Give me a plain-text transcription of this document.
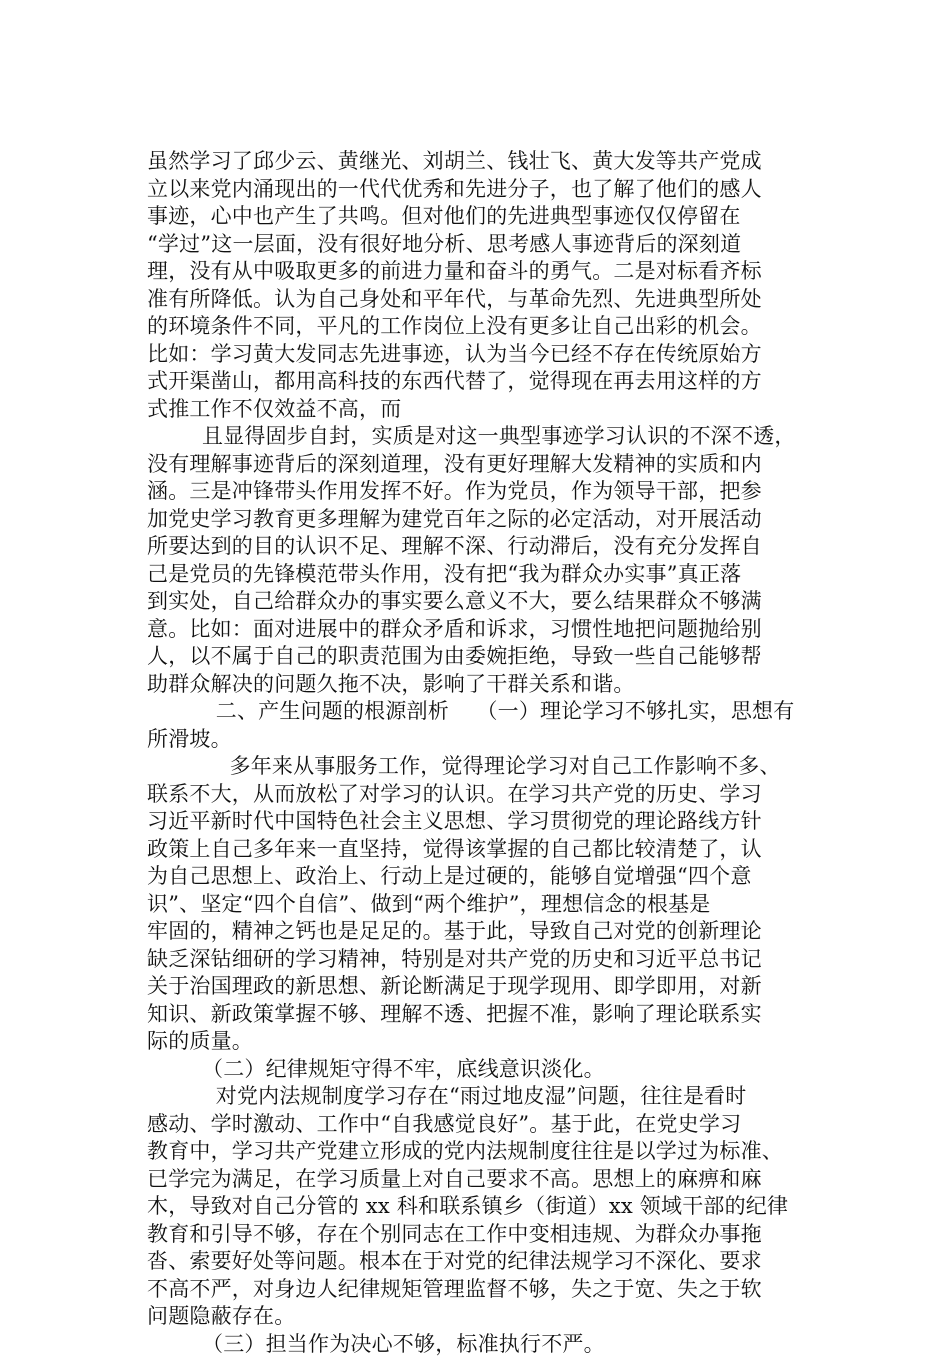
虽然学习了邱少云、黄继光、刘胡兰、钱壮飞、黄大发等共产党成
立以来党内涌现出的一代代优秀和先进分子，也了解了他们的感人
事迹，心中也产生了共鸣。但对他们的先进典型事迹仅仅停留在
“学过”这一层面，没有很好地分析、思考感人事迹背后的深刻道
理，没有从中吸取更多的前进力量和奋斗的勇气。二是对标看齐标
准有所降低。认为自己身处和平年代，与革命先烈、先进典型所处
的环境条件不同，平凡的工作岗位上没有更多让自己出彩的机会。
比如：学习黄大发同志先进事迹，认为当今已经不存在传统原始方
式开渠凿山，都用高科技的东西代替了，觉得现在再去用这样的方
式推工作不仅效益不高，而
且显得固步自封，实质是对这一典型事迹学习认识的不深不透，
没有理解事迹背后的深刻道理，没有更好理解大发精神的实质和内
涵。三是冲锋带头作用发挥不好。作为党员，作为领导干部，把参
加党史学习教育更多理解为建党百年之际的必定活动，对开展活动
所要达到的目的认识不足、理解不深、行动滞后，没有充分发挥自
己是党员的先锋模范带头作用，没有把“我为群众办实事”真正落
到实处，自己给群众办的事实要么意义不大，要么结果群众不够满
意。比如：面对进展中的群众矛盾和诉求，习惯性地把问题抛给别
人，以不属于自己的职责范围为由委婉拒绝，导致一些自己能够帮
助群众解决的问题久拖不决，影响了干群关系和谐。
二、产生问题的根源剖析    （一）理论学习不够扎实，思想有
所滑坡。
多年来从事服务工作，觉得理论学习对自己工作影响不多、
联系不大，从而放松了对学习的认识。在学习共产党的历史、学习
习近平新时代中国特色社会主义思想、学习贯彻党的理论路线方针
政策上自己多年来一直坚持，觉得该掌握的自己都比较清楚了，认
为自己思想上、政治上、行动上是过硬的，能够自觉增强“四个意
识”、坚定“四个自信”、做到“两个维护”，理想信念的根基是
牢固的，精神之钙也是足足的。基于此，导致自己对党的创新理论
缺乏深钻细研的学习精神，特别是对共产党的历史和习近平总书记
关于治国理政的新思想、新论断满足于现学现用、即学即用，对新
知识、新政策掌握不够、理解不透、把握不准，影响了理论联系实
际的质量。
（二）纪律规矩守得不牢，底线意识淡化。
对党内法规制度学习存在“雨过地皮湿”问题，往往是看时
感动、学时激动、工作中“自我感觉良好”。基于此，在党史学习
教育中，学习共产党建立形成的党内法规制度往往是以学过为标准、
已学完为满足，在学习质量上对自己要求不高。思想上的麻痹和麻
木，导致对自己分管的 xx 科和联系镇乡（街道）xx 领域干部的纪律
教育和引导不够，存在个别同志在工作中变相违规、为群众办事拖
沓、索要好处等问题。根本在于对党的纪律法规学习不深化、要求
不高不严，对身边人纪律规矩管理监督不够，失之于宽、失之于软
问题隐蔽存在。
（三）担当作为决心不够，标准执行不严。
